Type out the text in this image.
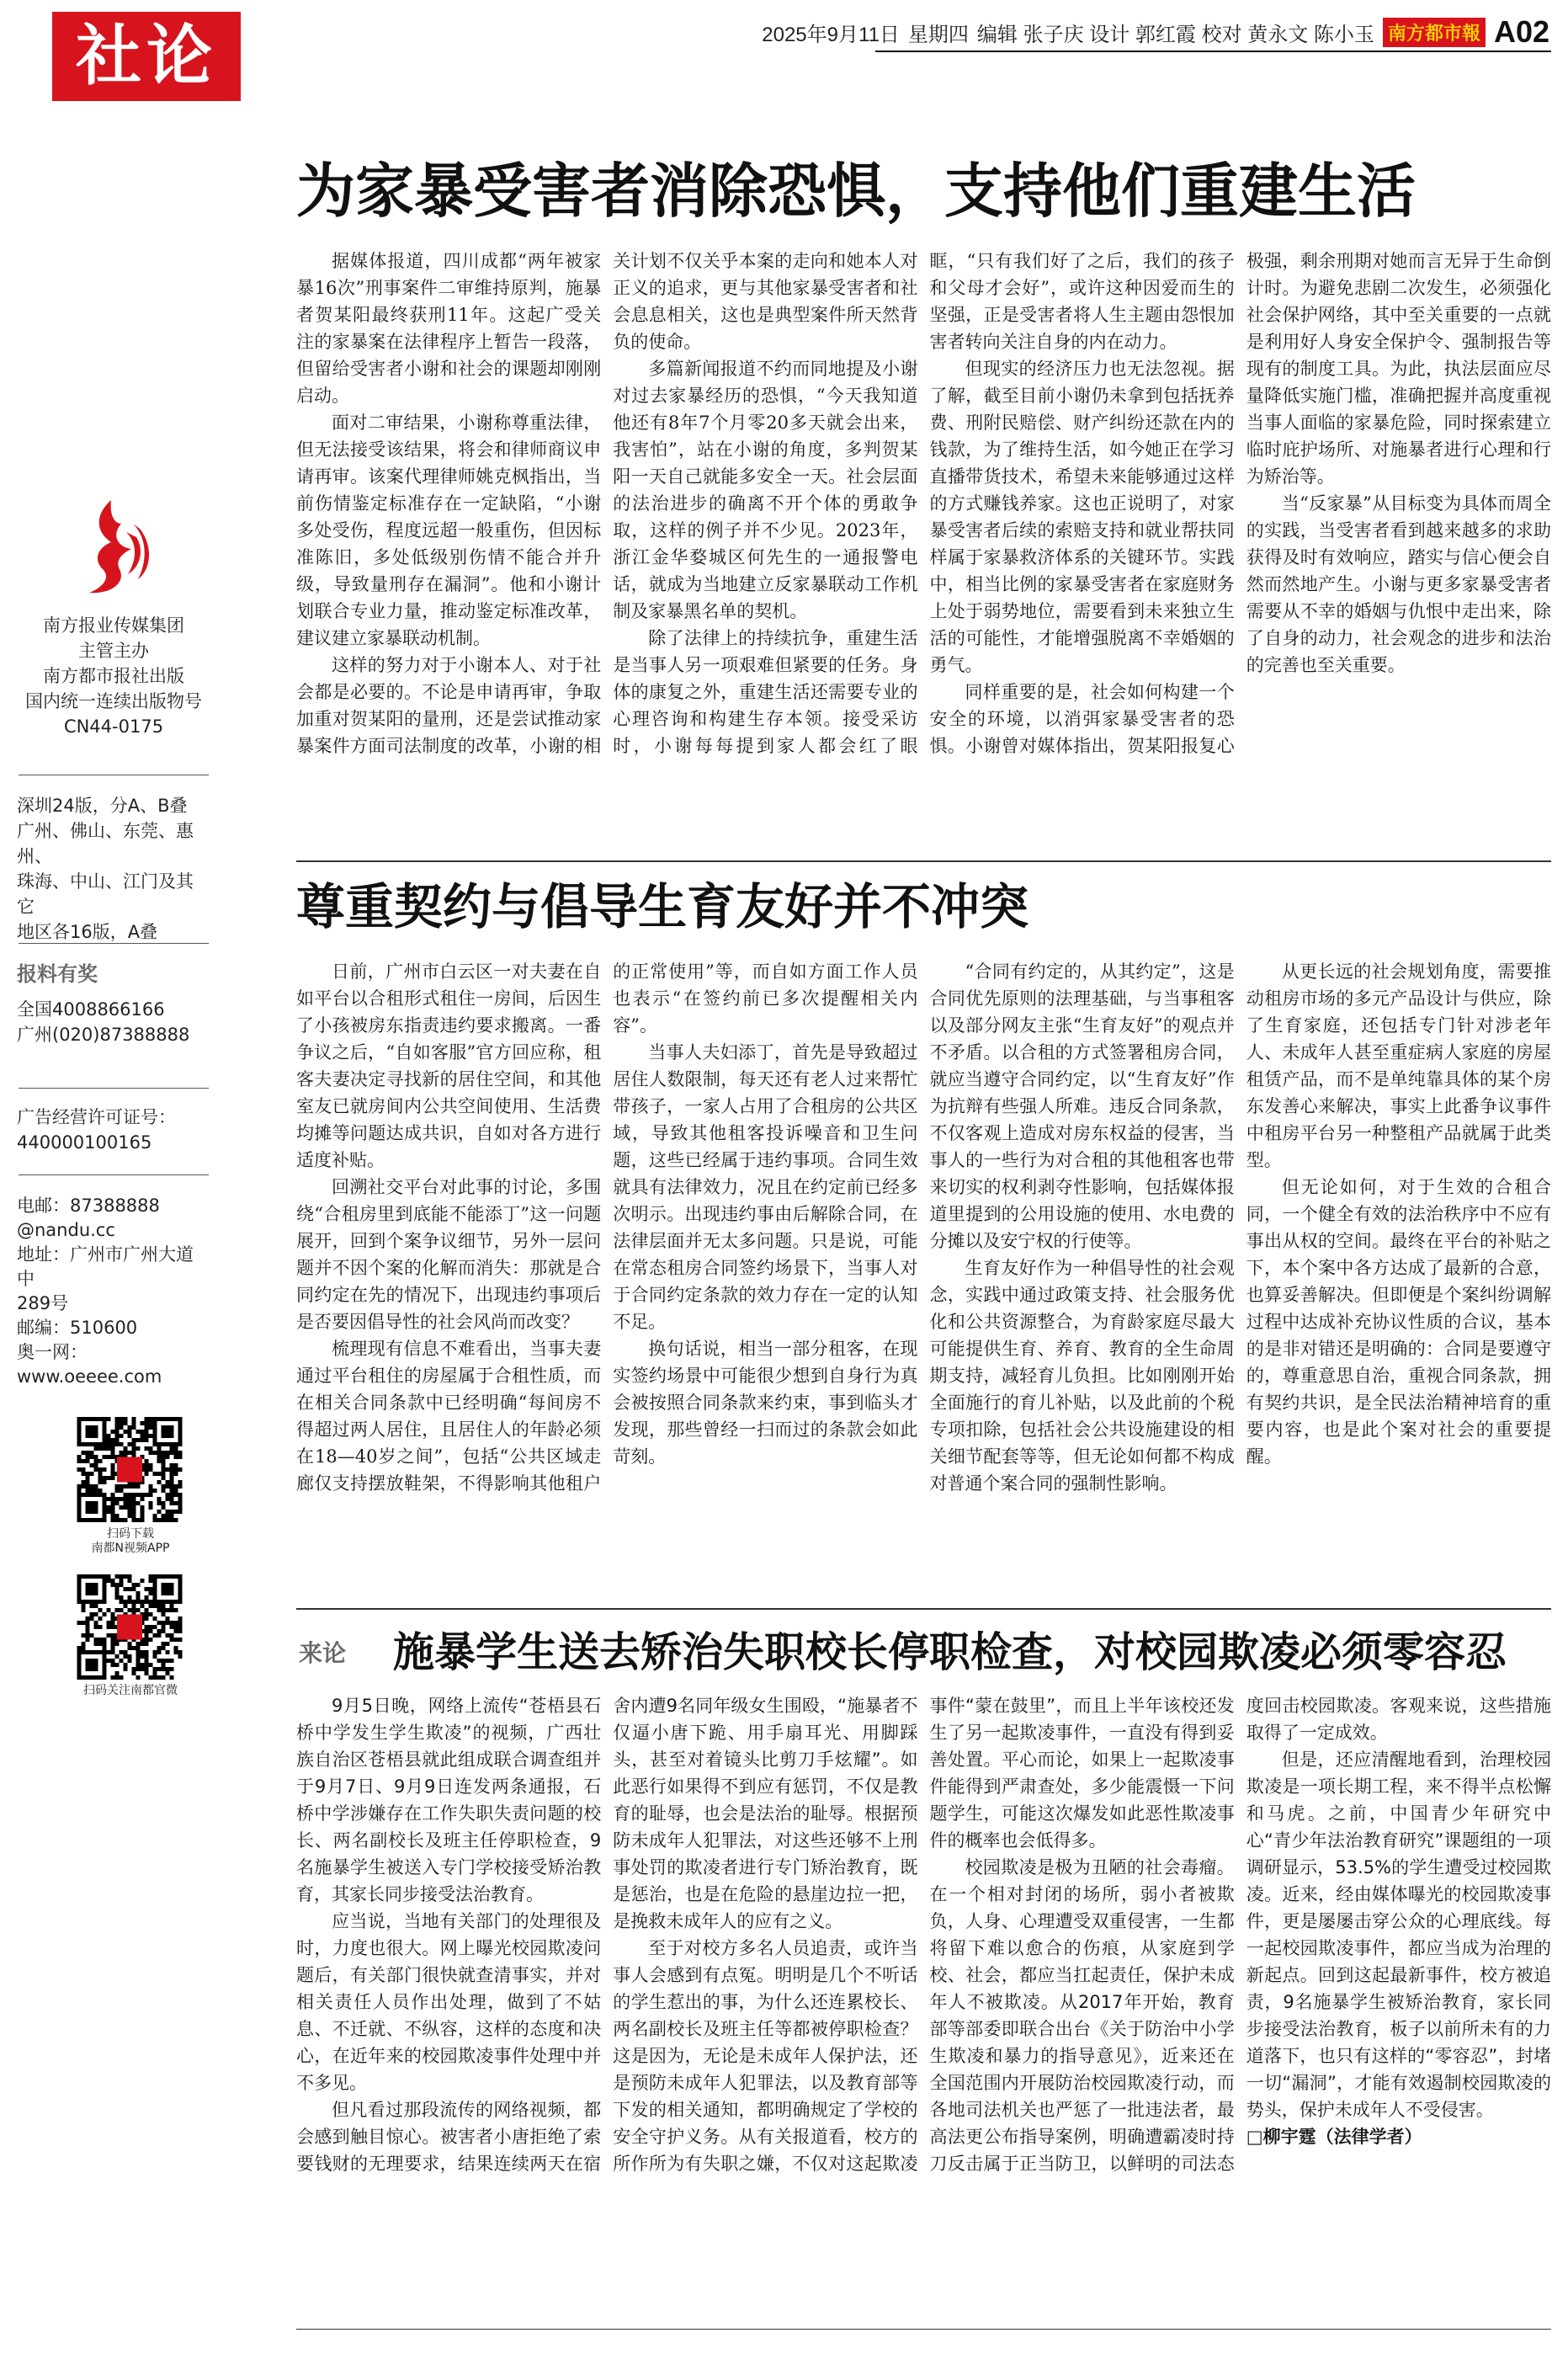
社论	2025年9月11日 星期四 编辑 张子庆 设计 郭红霞 校对 黄永文 陈小玉 南方都市報 A02
南方报业传媒集团
主管主办
南方都市报社出版
国内统一连续出版物号
CN44-0175
深圳24版，分A、B叠
广州、佛山、东莞、惠州、
珠海、中山、江门及其它
地区各16版，A叠
报料有奖
全国4008866166
广州(020)87388888
广告经营许可证号：
440000100165
电邮：87388888
@nandu.cc
地址：广州市广州大道中
289号
邮编：510600
奥一网：
www.oeeee.com
扫码下载
南都N视频APP
扫码关注南都官微
为家暴受害者消除恐惧，支持他们重建生活

据媒体报道，四川成都“两年被家暴16次”刑事案件二审维持原判，施暴者贺某阳最终获刑11年。这起广受关注的家暴案在法律程序上暂告一段落，但留给受害者小谢和社会的课题却刚刚启动。

面对二审结果，小谢称尊重法律，但无法接受该结果，将会和律师商议申请再审。该案代理律师姚克枫指出，当前伤情鉴定标准存在一定缺陷，“小谢多处受伤，程度远超一般重伤，但因标准陈旧，多处低级别伤情不能合并升级，导致量刑存在漏洞”。他和小谢计划联合专业力量，推动鉴定标准改革，建议建立家暴联动机制。

这样的努力对于小谢本人、对于社会都是必要的。不论是申请再审，争取加重对贺某阳的量刑，还是尝试推动家暴案件方面司法制度的改革，小谢的相关计划不仅关乎本案的走向和她本人对正义的追求，更与其他家暴受害者和社会息息相关，这也是典型案件所天然背负的使命。

多篇新闻报道不约而同地提及小谢对过去家暴经历的恐惧，“今天我知道他还有8年7个月零20多天就会出来，我害怕”，站在小谢的角度，多判贺某阳一天自己就能多安全一天。社会层面的法治进步的确离不开个体的勇敢争取，这样的例子并不少见。2023年，浙江金华婺城区何先生的一通报警电话，就成为当地建立反家暴联动工作机制及家暴黑名单的契机。

除了法律上的持续抗争，重建生活是当事人另一项艰难但紧要的任务。身体的康复之外，重建生活还需要专业的心理咨询和构建生存本领。接受采访时，小谢每每提到家人都会红了眼眶，“只有我们好了之后，我们的孩子和父母才会好”，或许这种因爱而生的坚强，正是受害者将人生主题由怨恨加害者转向关注自身的内在动力。

但现实的经济压力也无法忽视。据了解，截至目前小谢仍未拿到包括抚养费、刑附民赔偿、财产纠纷还款在内的钱款，为了维持生活，如今她正在学习直播带货技术，希望未来能够通过这样的方式赚钱养家。这也正说明了，对家暴受害者后续的索赔支持和就业帮扶同样属于家暴救济体系的关键环节。实践中，相当比例的家暴受害者在家庭财务上处于弱势地位，需要看到未来独立生活的可能性，才能增强脱离不幸婚姻的勇气。

同样重要的是，社会如何构建一个安全的环境，以消弭家暴受害者的恐惧。小谢曾对媒体指出，贺某阳报复心极强，剩余刑期对她而言无异于生命倒计时。为避免悲剧二次发生，必须强化社会保护网络，其中至关重要的一点就是利用好人身安全保护令、强制报告等现有的制度工具。为此，执法层面应尽量降低实施门槛，准确把握并高度重视当事人面临的家暴危险，同时探索建立临时庇护场所、对施暴者进行心理和行为矫治等。

当“反家暴”从目标变为具体而周全的实践，当受害者看到越来越多的求助获得及时有效响应，踏实与信心便会自然而然地产生。小谢与更多家暴受害者需要从不幸的婚姻与仇恨中走出来，除了自身的动力，社会观念的进步和法治的完善也至关重要。

尊重契约与倡导生育友好并不冲突

日前，广州市白云区一对夫妻在自如平台以合租形式租住一房间，后因生了小孩被房东指责违约要求搬离。一番争议之后，“自如客服”官方回应称，租客夫妻决定寻找新的居住空间，和其他室友已就房间内公共空间使用、生活费均摊等问题达成共识，自如对各方进行适度补贴。

回溯社交平台对此事的讨论，多围绕“合租房里到底能不能添丁”这一问题展开，回到个案争议细节，另外一层问题并不因个案的化解而消失：那就是合同约定在先的情况下，出现违约事项后是否要因倡导性的社会风尚而改变？

梳理现有信息不难看出，当事夫妻通过平台租住的房屋属于合租性质，而在相关合同条款中已经明确“每间房不得超过两人居住，且居住人的年龄必须在18—40岁之间”，包括“公共区域走廊仅支持摆放鞋架，不得影响其他租户的正常使用”等，而自如方面工作人员也表示“在签约前已多次提醒相关内容”。

当事人夫妇添丁，首先是导致超过居住人数限制，每天还有老人过来帮忙带孩子，一家人占用了合租房的公共区域，导致其他租客投诉噪音和卫生问题，这些已经属于违约事项。合同生效就具有法律效力，况且在约定前已经多次明示。出现违约事由后解除合同，在法律层面并无太多问题。只是说，可能在常态租房合同签约场景下，当事人对于合同约定条款的效力存在一定的认知不足。

换句话说，相当一部分租客，在现实签约场景中可能很少想到自身行为真会被按照合同条款来约束，事到临头才发现，那些曾经一扫而过的条款会如此苛刻。

“合同有约定的，从其约定”，这是合同优先原则的法理基础，与当事租客以及部分网友主张“生育友好”的观点并不矛盾。以合租的方式签署租房合同，就应当遵守合同约定，以“生育友好”作为抗辩有些强人所难。违反合同条款，不仅客观上造成对房东权益的侵害，当事人的一些行为对合租的其他租客也带来切实的权利剥夺性影响，包括媒体报道里提到的公用设施的使用、水电费的分摊以及安宁权的行使等。

生育友好作为一种倡导性的社会观念，实践中通过政策支持、社会服务优化和公共资源整合，为育龄家庭尽最大可能提供生育、养育、教育的全生命周期支持，减轻育儿负担。比如刚刚开始全面施行的育儿补贴，以及此前的个税专项扣除，包括社会公共设施建设的相关细节配套等等，但无论如何都不构成对普通个案合同的强制性影响。

从更长远的社会规划角度，需要推动租房市场的多元产品设计与供应，除了生育家庭，还包括专门针对涉老年人、未成年人甚至重症病人家庭的房屋租赁产品，而不是单纯靠具体的某个房东发善心来解决，事实上此番争议事件中租房平台另一种整租产品就属于此类型。

但无论如何，对于生效的合租合同，一个健全有效的法治秩序中不应有事出从权的空间。最终在平台的补贴之下，本个案中各方达成了最新的合意，也算妥善解决。但即便是个案纠纷调解过程中达成补充协议性质的合议，基本的是非对错还是明确的：合同是要遵守的，尊重意思自治，重视合同条款，拥有契约共识，是全民法治精神培育的重要内容，也是此个案对社会的重要提醒。

来论 施暴学生送去矫治失职校长停职检查，对校园欺凌必须零容忍

9月5日晚，网络上流传“苍梧县石桥中学发生学生欺凌”的视频，广西壮族自治区苍梧县就此组成联合调查组并于9月7日、9月9日连发两条通报，石桥中学涉嫌存在工作失职失责问题的校长、两名副校长及班主任停职检查，9名施暴学生被送入专门学校接受矫治教育，其家长同步接受法治教育。

应当说，当地有关部门的处理很及时，力度也很大。网上曝光校园欺凌问题后，有关部门很快就查清事实，并对相关责任人员作出处理，做到了不姑息、不迁就、不纵容，这样的态度和决心，在近年来的校园欺凌事件处理中并不多见。

但凡看过那段流传的网络视频，都会感到触目惊心。被害者小唐拒绝了索要钱财的无理要求，结果连续两天在宿舍内遭9名同年级女生围殴，“施暴者不仅逼小唐下跪、用手扇耳光、用脚踩头，甚至对着镜头比剪刀手炫耀”。如此恶行如果得不到应有惩罚，不仅是教育的耻辱，也会是法治的耻辱。根据预防未成年人犯罪法，对这些还够不上刑事处罚的欺凌者进行专门矫治教育，既是惩治，也是在危险的悬崖边拉一把，是挽救未成年人的应有之义。

至于对校方多名人员追责，或许当事人会感到有点冤。明明是几个不听话的学生惹出的事，为什么还连累校长、两名副校长及班主任等都被停职检查？这是因为，无论是未成年人保护法，还是预防未成年人犯罪法，以及教育部等下发的相关通知，都明确规定了学校的安全守护义务。从有关报道看，校方的所作所为有失职之嫌，不仅对这起欺凌事件“蒙在鼓里”，而且上半年该校还发生了另一起欺凌事件，一直没有得到妥善处置。平心而论，如果上一起欺凌事件能得到严肃查处，多少能震慑一下问题学生，可能这次爆发如此恶性欺凌事件的概率也会低得多。

校园欺凌是极为丑陋的社会毒瘤。在一个相对封闭的场所，弱小者被欺负，人身、心理遭受双重侵害，一生都将留下难以愈合的伤痕，从家庭到学校、社会，都应当扛起责任，保护未成年人不被欺凌。从2017年开始，教育部等部委即联合出台《关于防治中小学生欺凌和暴力的指导意见》，近来还在全国范围内开展防治校园欺凌行动，而各地司法机关也严惩了一批违法者，最高法更公布指导案例，明确遭霸凌时持刀反击属于正当防卫，以鲜明的司法态度回击校园欺凌。客观来说，这些措施取得了一定成效。

但是，还应清醒地看到，治理校园欺凌是一项长期工程，来不得半点松懈和马虎。之前，中国青少年研究中心“青少年法治教育研究”课题组的一项调研显示，53.5%的学生遭受过校园欺凌。近来，经由媒体曝光的校园欺凌事件，更是屡屡击穿公众的心理底线。每一起校园欺凌事件，都应当成为治理的新起点。回到这起最新事件，校方被追责，9名施暴学生被矫治教育，家长同步接受法治教育，板子以前所未有的力道落下，也只有这样的“零容忍”，封堵一切“漏洞”，才能有效遏制校园欺凌的势头，保护未成年人不受侵害。

□柳宇霆（法律学者）
